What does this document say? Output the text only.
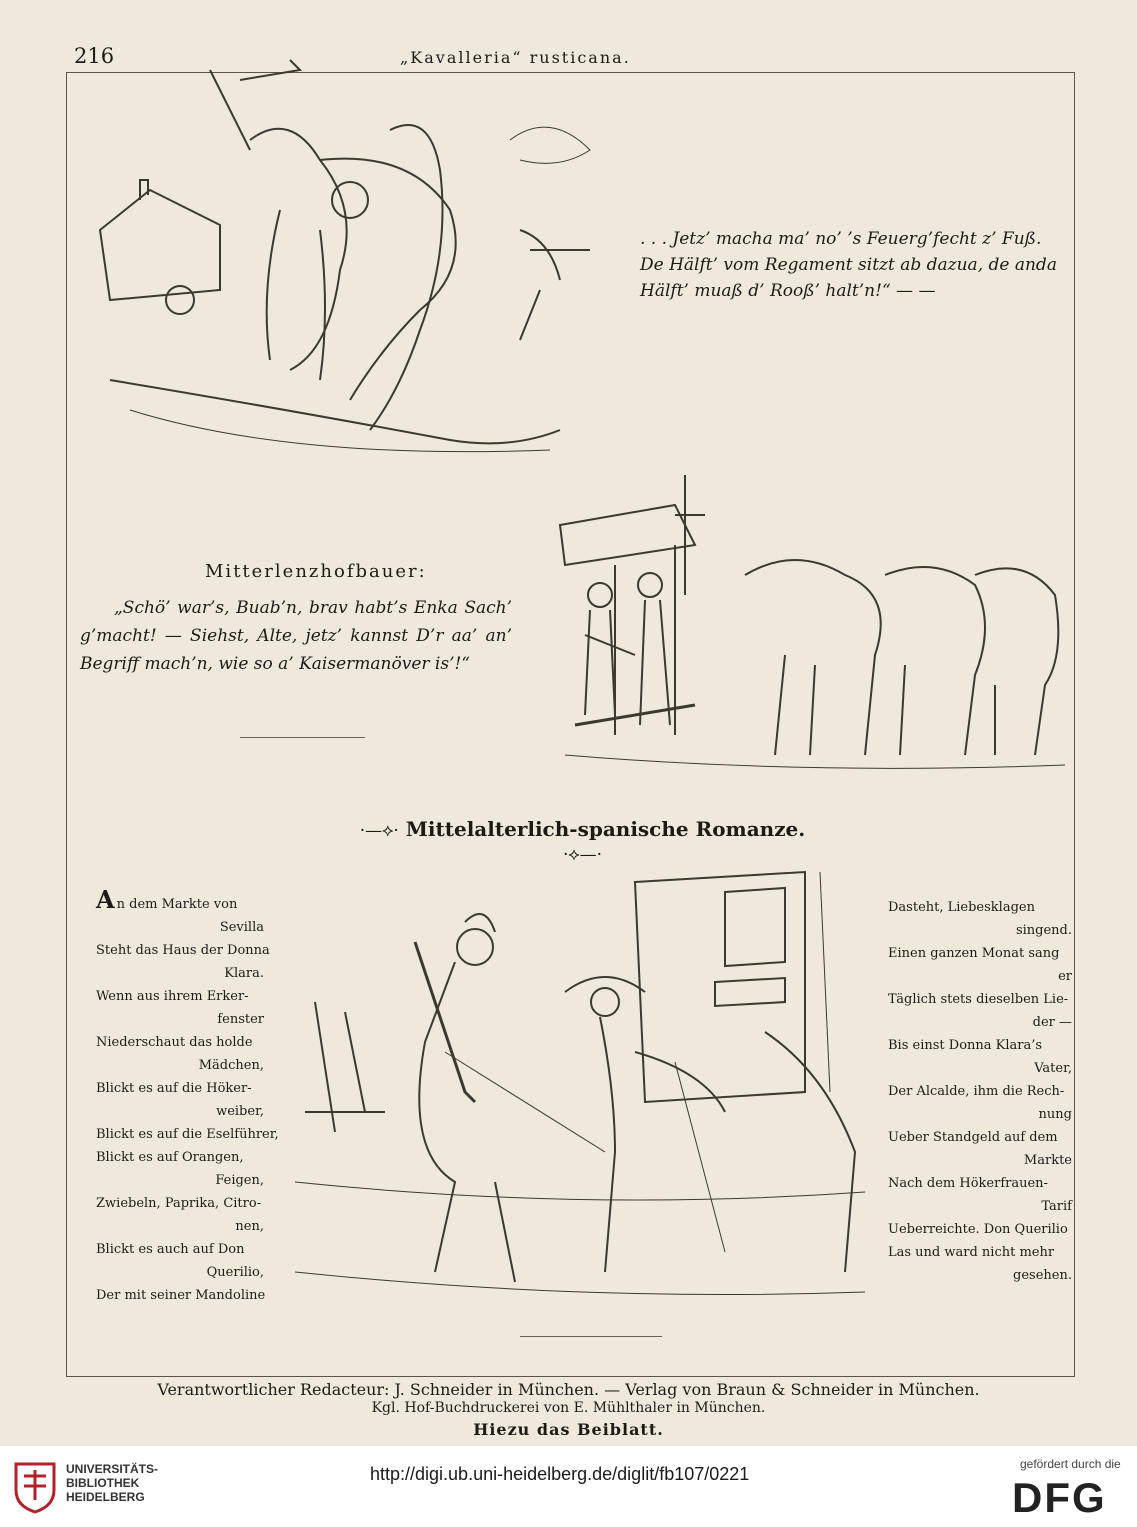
216	„Kavalleria“ rusticana.

. . . Jetz’ macha ma’ no’ ’s Feuerg’fecht z’ Fuß.

De Hälft’ vom Regament sitzt ab dazua, de anda

Hälft’ muaß d’ Rooß’ halt’n!“ — —

Mitterlenzhofbauer:

„Schö’ war’s, Buab’n, brav habt’s Enka Sach’ g’macht! — Siehst, Alte, jetz’ kannst D’r aa’ an’ Begriff mach’n, wie so a’ Kaisermanöver is’!“

·—⟡· Mittelalterlich-spanische Romanze. ·⟡—·
An dem Markte von
Sevilla
Steht das Haus der Donna
Klara.
Wenn aus ihrem Erker-
fenster
Niederschaut das holde
Mädchen,
Blickt es auf die Höker-
weiber,
Blickt es auf die Eselführer,
Blickt es auf Orangen,
Feigen,
Zwiebeln, Paprika, Citro-
nen,
Blickt es auch auf Don
Querilio,
Der mit seiner Mandoline
Dasteht, Liebesklagen
singend.
Einen ganzen Monat sang
er
Täglich stets dieselben Lie-
der —
Bis einst Donna Klara’s
Vater,
Der Alcalde, ihm die Rech-
nung
Ueber Standgeld auf dem
Markte
Nach dem Hökerfrauen-
Tarif
Ueberreichte. Don Querilio
Las und ward nicht mehr
gesehen.
Verantwortlicher Redacteur: J. Schneider in München. — Verlag von Braun & Schneider in München.
Kgl. Hof-Buchdruckerei von E. Mühlthaler in München.
Hiezu das Beiblatt.
UNIVERSITÄTS-
BIBLIOTHEK
HEIDELBERG
http://digi.ub.uni-heidelberg.de/diglit/fb107/0221	gefördert durch die
DFG
